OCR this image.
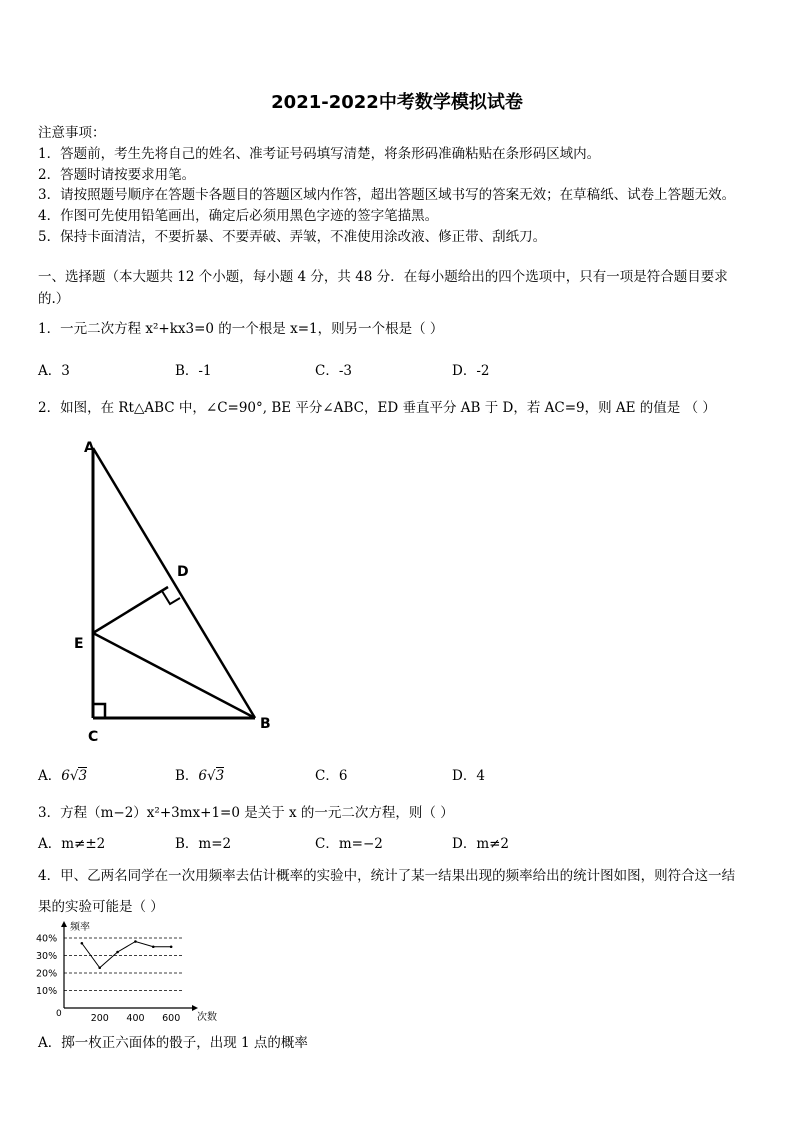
2021-2022中考数学模拟试卷
注意事项：
1．答题前，考生先将自己的姓名、准考证号码填写清楚，将条形码准确粘贴在条形码区域内。
2．答题时请按要求用笔。
3．请按照题号顺序在答题卡各题目的答题区域内作答，超出答题区域书写的答案无效；在草稿纸、试卷上答题无效。
4．作图可先使用铅笔画出，确定后必须用黑色字迹的签字笔描黑。
5．保持卡面清洁，不要折暴、不要弄破、弄皱，不准使用涂改液、修正带、刮纸刀。
一、选择题（本大题共 12 个小题，每小题 4 分，共 48 分．在每小题给出的四个选项中，只有一项是符合题目要求
的.）
1．一元二次方程 x²+kx3=0 的一个根是 x=1，则另一个根是（ ）
A．3	B．-1	C．-3	D．-2
2．如图，在 Rt△ABC 中，∠C=90°, BE 平分∠ABC，ED 垂直平分 AB 于 D，若 AC=9，则 AE 的值是 （ ）
A
D
E
C
B
A．6√3	B．6√3	C．6	D．4
3．方程（m−2）x²+3mx+1=0 是关于 x 的一元二次方程，则（ ）
A．m≠±2	B．m=2	C．m=−2	D．m≠2
4．甲、乙两名同学在一次用频率去估计概率的实验中，统计了某一结果出现的频率给出的统计图如图，则符合这一结
果的实验可能是（ ）
频率
次数
0
40%
30%
20%
10%
200 400 600
A．掷一枚正六面体的骰子，出现 1 点的概率
